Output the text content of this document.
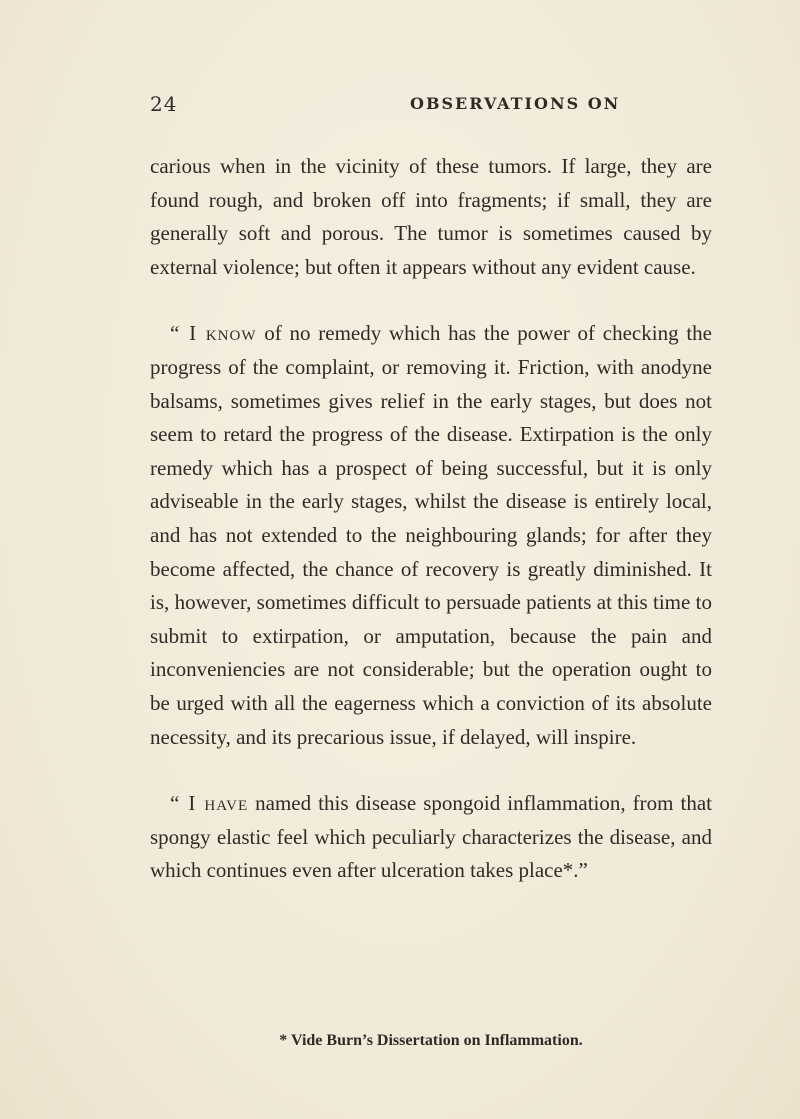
24	OBSERVATIONS ON

carious when in the vicinity of these tumors. If large, they are found rough, and broken off into fragments; if small, they are generally soft and porous. The tumor is sometimes caused by external violence; but often it appears without any evident cause.

“ I know of no remedy which has the power of checking the progress of the complaint, or removing it. Friction, with anodyne balsams, sometimes gives relief in the early stages, but does not seem to retard the progress of the disease. Extirpation is the only remedy which has a prospect of being successful, but it is only adviseable in the early stages, whilst the disease is entirely local, and has not extended to the neighbouring glands; for after they become affected, the chance of recovery is greatly diminished. It is, however, sometimes difficult to persuade patients at this time to submit to extirpation, or amputation, because the pain and inconveniencies are not considerable; but the operation ought to be urged with all the eagerness which a conviction of its absolute necessity, and its precarious issue, if delayed, will inspire.

“ I have named this disease spongoid inflammation, from that spongy elastic feel which peculiarly characterizes the disease, and which continues even after ulceration takes place*.”

* Vide Burn’s Dissertation on Inflammation.
